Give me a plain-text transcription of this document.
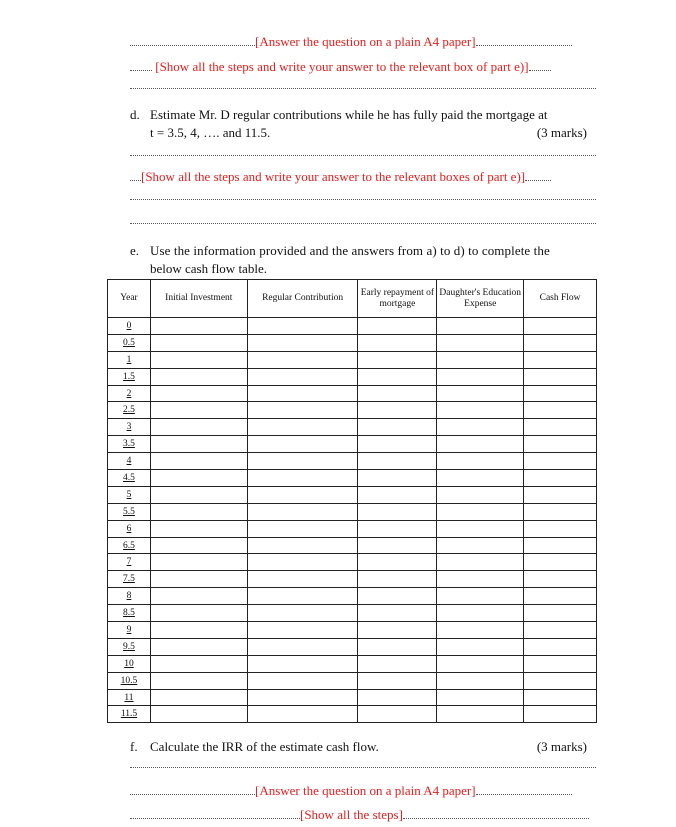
[Answer the question on a plain A4 paper]
[Show all the steps and write your answer to the relevant box of part e)]
d. Estimate Mr. D regular contributions while he has fully paid the mortgage at
t = 3.5, 4, …. and 11.5.	(3 marks)
[Show all the steps and write your answer to the relevant boxes of part e)]
e. Use the information provided and the answers from a) to d) to complete the
below cash flow table.
Year	Initial Investment	Regular Contribution	Early repayment of mortgage	Daughter's Education Expense	Cash Flow
0					
0.5					
1					
1.5					
2					
2.5					
3					
3.5					
4					
4.5					
5					
5.5					
6					
6.5					
7					
7.5					
8					
8.5					
9					
9.5					
10					
10.5					
11					
11.5					
f. Calculate the IRR of the estimate cash flow.	(3 marks)
[Answer the question on a plain A4 paper]
[Show all the steps]
